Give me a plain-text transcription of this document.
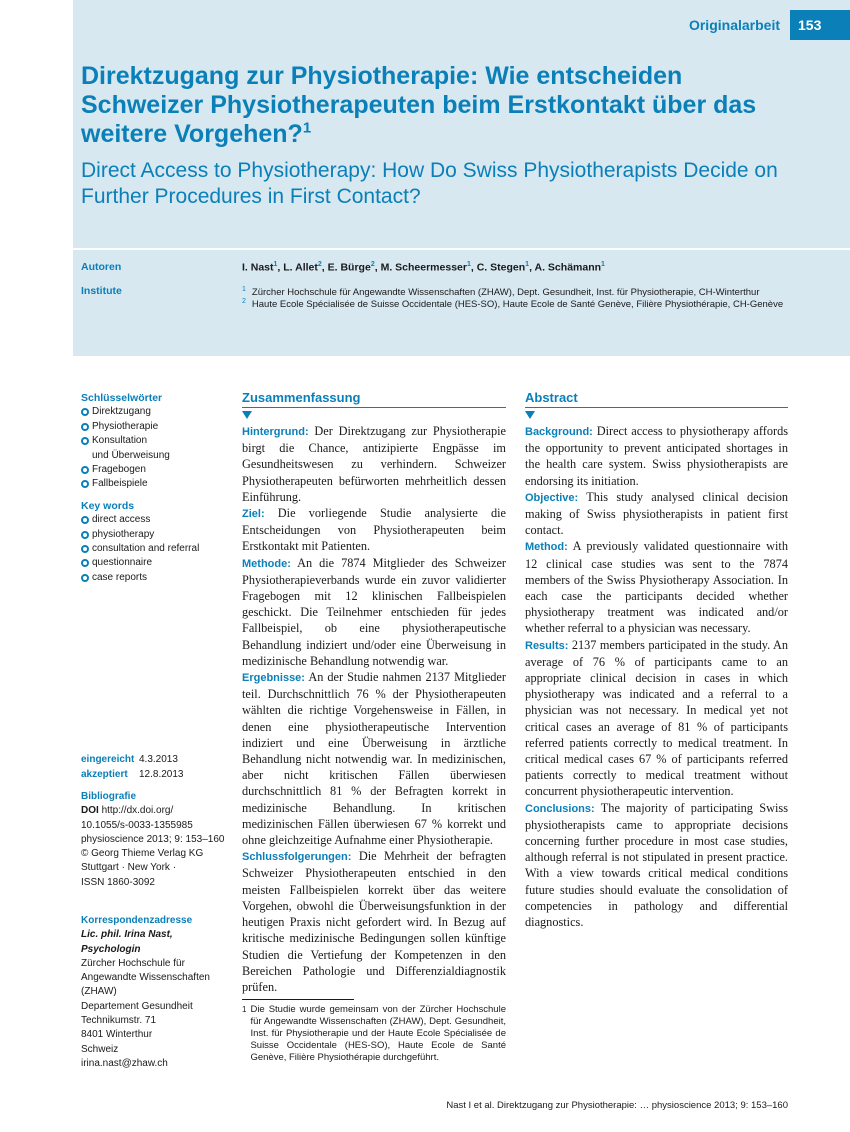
Originalarbeit	153
Direktzugang zur Physiotherapie: Wie entscheiden Schweizer Physiotherapeuten beim Erstkontakt über das weitere Vorgehen?$^1$
Direct Access to Physiotherapy: How Do Swiss Physiotherapists Decide on Further Procedures in First Contact?
Autoren	I. Nast$^1$, L. Allet$^2$, E. Bürge$^2$, M. Scheermesser$^1$, C. Stegen$^1$, A. Schämann$^1$
Institute	$^1$ Zürcher Hochschule für Angewandte Wissenschaften (ZHAW), Dept. Gesundheit, Inst. für Physiotherapie, CH-Winterthur
$^2$ Haute Ecole Spécialisée de Suisse Occidentale (HES-SO), Haute Ecole de Santé Genève, Filière Physiothérapie, CH-Genève
Schlüsselwörter
Direktzugang
Physiotherapie
Konsultation
und Überweisung
Fragebogen
Fallbeispiele
Key words
direct access
physiotherapy
consultation and referral
questionnaire
case reports
eingereicht 4.3.2013
akzeptiert 12.8.2013
Bibliografie
DOI http://dx.doi.org/
10.1055/s-0033-1355985
physioscience 2013; 9: 153–160
© Georg Thieme Verlag KG
Stuttgart · New York ·
ISSN 1860-3092
Korrespondenzadresse
Lic. phil. Irina Nast,
Psychologin
Zürcher Hochschule für
Angewandte Wissenschaften
(ZHAW)
Departement Gesundheit
Technikumstr. 71
8401 Winterthur
Schweiz
irina.nast@zhaw.ch
Zusammenfassung

Hintergrund: Der Direktzugang zur Physiotherapie birgt die Chance, antizipierte Engpässe im Gesundheitswesen zu verhindern. Schweizer Physiotherapeuten befürworten mehrheitlich dessen Einführung.

Ziel: Die vorliegende Studie analysierte die Entscheidungen von Physiotherapeuten beim Erstkontakt mit Patienten.

Methode: An die 7874 Mitglieder des Schweizer Physiotherapieverbands wurde ein zuvor validierter Fragebogen mit 12 klinischen Fallbeispielen geschickt. Die Teilnehmer entschieden für jedes Fallbeispiel, ob eine physiotherapeutische Behandlung indiziert und/oder eine Überweisung in medizinische Behandlung notwendig war.

Ergebnisse: An der Studie nahmen 2137 Mitglieder teil. Durchschnittlich 76 % der Physiotherapeuten wählten die richtige Vorgehensweise in Fällen, in denen eine physiotherapeutische Intervention indiziert und eine Überweisung in ärztliche Behandlung nicht notwendig war. In medizinischen, aber nicht kritischen Fällen überwiesen durchschnittlich 81 % der Befragten korrekt in medizinische Behandlung. In kritischen medizinischen Fällen überwiesen 67 % korrekt und ohne gleichzeitige Aufnahme einer Physiotherapie.

Schlussfolgerungen: Die Mehrheit der befragten Schweizer Physiotherapeuten entschied in den meisten Fallbeispielen korrekt über das weitere Vorgehen, obwohl die Überweisungsfunktion in der heutigen Praxis nicht gefordert wird. In Bezug auf kritische medizinische Bedingungen sollen künftige Studien die Vertiefung der Kompetenzen in den Bereichen Pathologie und Differenzialdiagnostik prüfen.

Abstract

Background: Direct access to physiotherapy affords the opportunity to prevent anticipated shortages in the health care system. Swiss physiotherapists are endorsing its initiation.

Objective: This study analysed clinical decision making of Swiss physiotherapists in patient first contact.

Method: A previously validated questionnaire with 12 clinical case studies was sent to the 7874 members of the Swiss Physiotherapy Association. In each case the participants decided whether physiotherapy treatment was indicated and/or whether referral to a physician was necessary.

Results: 2137 members participated in the study. An average of 76 % of participants came to an appropriate clinical decision in cases in which physiotherapy was indicated and a referral to a physician was not necessary. In medical yet not critical cases an average of 81 % of participants referred patients correctly to medical treatment. In critical medical cases 67 % of participants referred patients correctly to medical treatment without concurrent physiotherapeutic intervention.

Conclusions: The majority of participating Swiss physiotherapists came to appropriate decisions concerning further procedure in most case studies, although referral is not stipulated in present practice. With a view towards critical medical conditions future studies should evaluate the consolidation of competencies in pathology and differential diagnostics.

1 Die Studie wurde gemeinsam von der Zürcher Hochschule für Angewandte Wissenschaften (ZHAW), Dept. Gesundheit, Inst. für Physiotherapie und der Haute Ecole Spécialisée de Suisse Occidentale (HES-SO), Haute Ecole de Santé Genève, Filière Physiothérapie durchgeführt.
Nast I et al. Direktzugang zur Physiotherapie: … physioscience 2013; 9: 153–160
